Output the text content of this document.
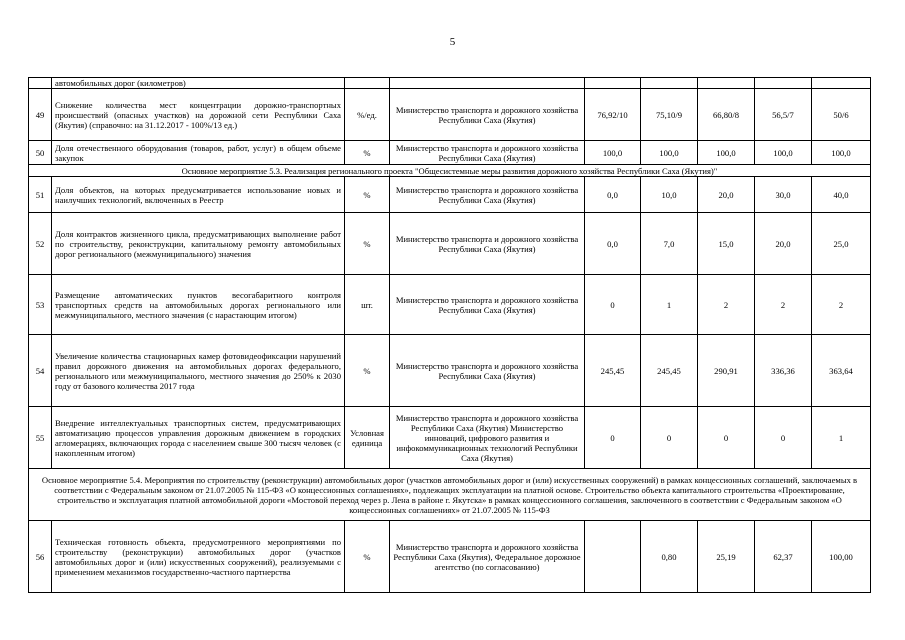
5
	автомобильных дорог (километров)							
49	Снижение количества мест концентрации дорожно-транспортных происшествий (опасных участков) на дорожной сети Республики Саха (Якутия) (справочно: на 31.12.2017 - 100%/13 ед.)	%/ед.	Министерство транспорта и дорожного хозяйства Республики Саха (Якутия)	76,92/10	75,10/9	66,80/8	56,5/7	50/6
50	Доля отечественного оборудования (товаров, работ, услуг) в общем объеме закупок	%	Министерство транспорта и дорожного хозяйства Республики Саха (Якутия)	100,0	100,0	100,0	100,0	100,0
Основное мероприятие 5.3. Реализация регионального проекта "Общесистемные меры развития дорожного хозяйства Республики Саха (Якутия)"								
51	Доля объектов, на которых предусматривается использование новых и наилучших технологий, включенных в Реестр	%	Министерство транспорта и дорожного хозяйства Республики Саха (Якутия)	0,0	10,0	20,0	30,0	40,0
52	Доля контрактов жизненного цикла, предусматривающих выполнение работ по строительству, реконструкции, капитальному ремонту автомобильных дорог регионального (межмуниципального) значения	%	Министерство транспорта и дорожного хозяйства Республики Саха (Якутия)	0,0	7,0	15,0	20,0	25,0
53	Размещение автоматических пунктов весогабаритного контроля транспортных средств на автомобильных дорогах регионального или межмуниципального, местного значения (с нарастающим итогом)	шт.	Министерство транспорта и дорожного хозяйства Республики Саха (Якутия)	0	1	2	2	2
54	Увеличение количества стационарных камер фотовидеофиксации нарушений правил дорожного движения на автомобильных дорогах федерального, регионального или межмуниципального, местного значения до 250% к 2030 году от базового количества 2017 года	%	Министерство транспорта и дорожного хозяйства Республики Саха (Якутия)	245,45	245,45	290,91	336,36	363,64
55	Внедрение интеллектуальных транспортных систем, предусматривающих автоматизацию процессов управления дорожным движением в городских агломерациях, включающих города с населением свыше 300 тысяч человек (с накопленным итогом)	Условная единица	Министерство транспорта и дорожного хозяйства Республики Саха (Якутия) Министерство инноваций, цифрового развития и инфокоммуникационных технологий Республики Саха (Якутия)	0	0	0	0	1
Основное мероприятие 5.4. Мероприятия по строительству (реконструкции) автомобильных дорог (участков автомобильных дорог и (или) искусственных сооружений) в рамках концессионных соглашений, заключаемых в соответствии с Федеральным законом от 21.07.2005 № 115-ФЗ «О концессионных соглашениях», подлежащих эксплуатации на платной основе. Строительство объекта капитального строительства «Проектирование, строительство и эксплуатация платной автомобильной дороги «Мостовой переход через р. Лена в районе г. Якутска» в рамках концессионного соглашения, заключенного в соответствии с Федеральным законом «О концессионных соглашениях» от 21.07.2005 № 115-ФЗ								
56	Техническая готовность объекта, предусмотренного мероприятиями по строительству (реконструкции) автомобильных дорог (участков автомобильных дорог и (или) искусственных сооружений), реализуемыми с применением механизмов государственно-частного партнерства	%	Министерство транспорта и дорожного хозяйства Республики Саха (Якутия), Федеральное дорожное агентство (по согласованию)		0,80	25,19	62,37	100,00
